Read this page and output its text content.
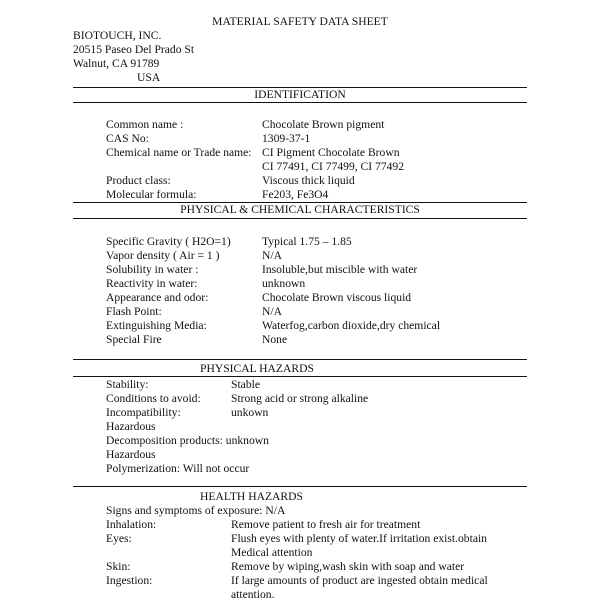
MATERIAL SAFETY DATA SHEET
BIOTOUCH, INC.
20515 Paseo Del Prado St
Walnut, CA 91789
USA
IDENTIFICATION
Common name :	Chocolate Brown pigment
CAS No:	1309-37-1
Chemical name or Trade name: CI Pigment Chocolate Brown
CI 77491, CI 77499, CI 77492
Product class:	Viscous thick liquid
Molecular formula:	Fe203, Fe3O4
PHYSICAL & CHEMICAL CHARACTERISTICS
Specific Gravity ( H2O=1)	Typical 1.75 – 1.85
Vapor density ( Air = 1 )	N/A
Solubility in water :	Insoluble,but miscible with water
Reactivity in water:	unknown
Appearance and odor:	Chocolate Brown viscous liquid
Flash Point:	N/A
Extinguishing Media:	Waterfog,carbon dioxide,dry chemical
Special Fire	None
PHYSICAL HAZARDS
Stability:	Stable
Conditions to avoid:	Strong acid or strong alkaline
Incompatibility:	unkown
Hazardous
Decomposition products: unknown
Hazardous
Polymerization: Will not occur
HEALTH HAZARDS
Signs and symptoms of exposure: N/A
Inhalation:	Remove patient to fresh air for treatment
Eyes:	Flush eyes with plenty of water.If irritation exist.obtain
Medical attention
Skin:	Remove by wiping,wash skin with soap and water
Ingestion:	If large amounts of product are ingested obtain medical
attention.
